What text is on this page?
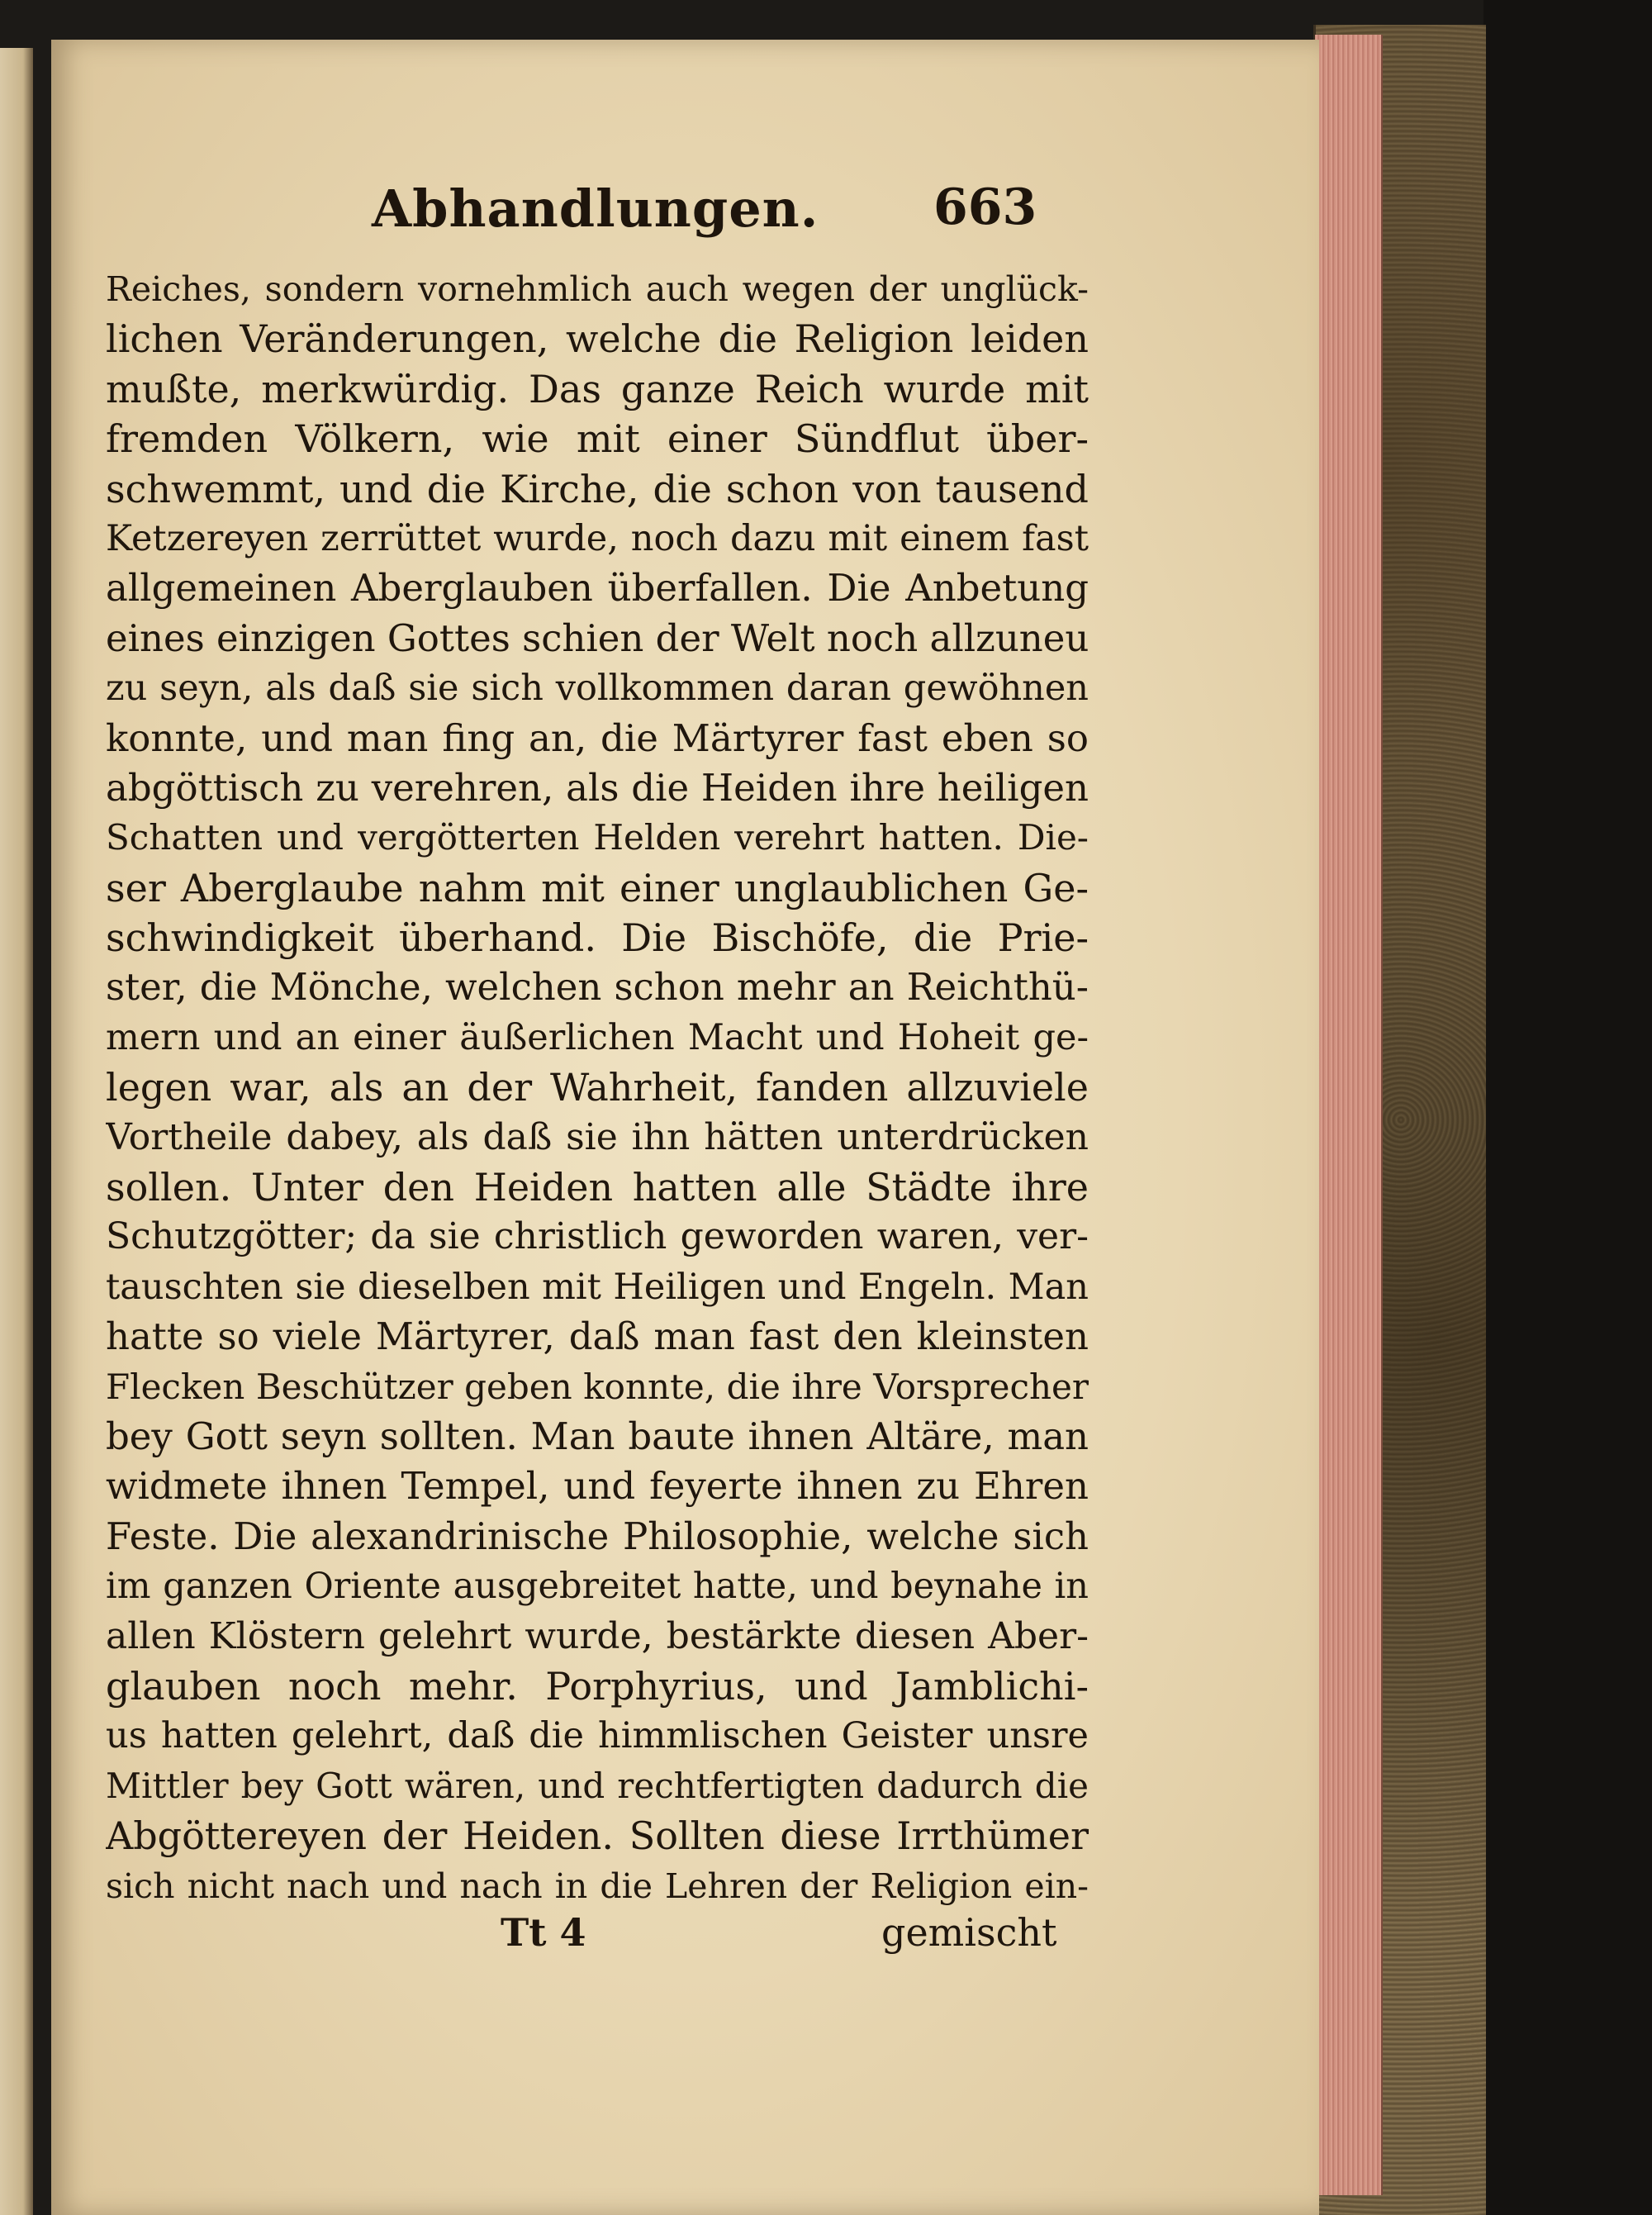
Abhandlungen. 663
Reiches, sondern vornehmlich auch wegen der unglück-
lichen Veränderungen, welche die Religion leiden
mußte, merkwürdig. Das ganze Reich wurde mit
fremden Völkern, wie mit einer Sündflut über-
schwemmt, und die Kirche, die schon von tausend
Ketzereyen zerrüttet wurde, noch dazu mit einem fast
allgemeinen Aberglauben überfallen. Die Anbetung
eines einzigen Gottes schien der Welt noch allzuneu
zu seyn, als daß sie sich vollkommen daran gewöhnen
konnte, und man fing an, die Märtyrer fast eben so
abgöttisch zu verehren, als die Heiden ihre heiligen
Schatten und vergötterten Helden verehrt hatten. Die-
ser Aberglaube nahm mit einer unglaublichen Ge-
schwindigkeit überhand. Die Bischöfe, die Prie-
ster, die Mönche, welchen schon mehr an Reichthü-
mern und an einer äußerlichen Macht und Hoheit ge-
legen war, als an der Wahrheit, fanden allzuviele
Vortheile dabey, als daß sie ihn hätten unterdrücken
sollen. Unter den Heiden hatten alle Städte ihre
Schutzgötter; da sie christlich geworden waren, ver-
tauschten sie dieselben mit Heiligen und Engeln. Man
hatte so viele Märtyrer, daß man fast den kleinsten
Flecken Beschützer geben konnte, die ihre Vorsprecher
bey Gott seyn sollten. Man baute ihnen Altäre, man
widmete ihnen Tempel, und feyerte ihnen zu Ehren
Feste. Die alexandrinische Philosophie, welche sich
im ganzen Oriente ausgebreitet hatte, und beynahe in
allen Klöstern gelehrt wurde, bestärkte diesen Aber-
glauben noch mehr. Porphyrius, und Jamblichi-
us hatten gelehrt, daß die himmlischen Geister unsre
Mittler bey Gott wären, und rechtfertigten dadurch die
Abgöttereyen der Heiden. Sollten diese Irrthümer
sich nicht nach und nach in die Lehren der Religion ein-
Tt 4	gemischt
